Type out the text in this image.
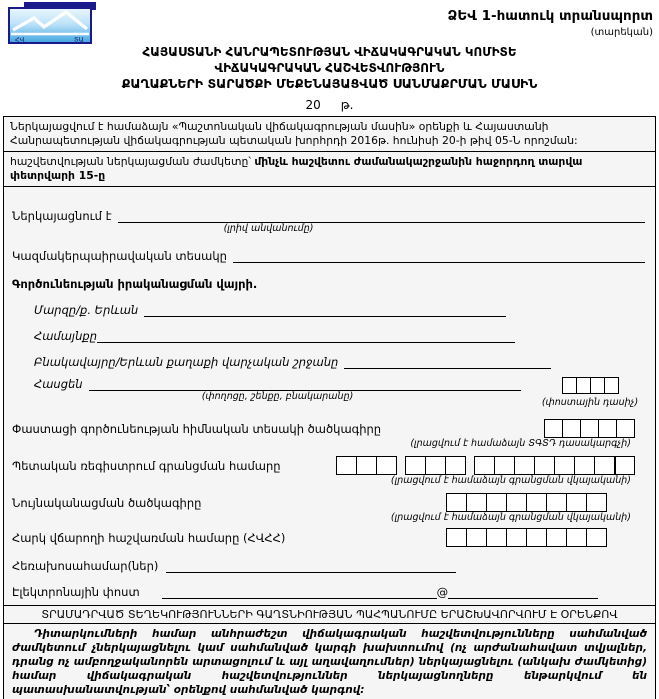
ՀՎ	ՏԱ
ՁԵՎ 1-հատուկ տրանսպորտ
(տարեկան)
ՀԱՅԱՍՏԱՆԻ ՀԱՆՐԱՊԵՏՈՒԹՅԱՆ ՎԻՃԱԿԱԳՐԱԿԱՆ ԿՈՄԻՏԵ
ՎԻՃԱԿԱԳՐԱԿԱՆ ՀԱՇՎԵՏՎՈՒԹՅՈՒՆ
ՔԱՂԱՔՆԵՐԻ ՏԱՐԱԾՔԻ ՄԵՔԵՆԱՅԱՑՎԱԾ ՍԱՆՄԱՔՐՄԱՆ ՄԱՍԻՆ
20 թ.
Ներկայացվում է համաձայն «Պաշտոնական վիճակագրության մասին» օրենքի և Հայաստանի Հանրապետության վիճակագրության պետական խորհրդի 2016թ. հունիսի 20-ի թիվ 05-Ն որոշման:
հաշվետվության ներկայացման ժամկետը՝ մինչև հաշվետու ժամանակաշրջանին հաջորդող տարվա փետրվարի 15-ը
Ներկայացնում է
(լրիվ անվանումը)
Կազմակերպաիրավական տեսակը
Գործունեության իրականացման վայրի.
Մարզը/ք. Երևան
Համայնքը
Բնակավայրը/Երևան քաղաքի վարչական շրջանը
Հասցեն
(փողոցը, շենքը, բնակարանը)
(փոստային դասիչ)
Փաստացի գործունեության հիմնական տեսակի ծածկագիրը
(լրացվում է համաձայն ՏԳՏԴ դասակարգչի)
Պետական ռեգիստրում գրանցման համարը
(լրացվում է համաձայն գրանցման վկայականի)
Նույնականացման ծածկագիրը
(լրացվում է համաձայն գրանցման վկայականի)
Հարկ վճարողի հաշվառման համարը (ՀՎՀՀ)
Հեռախոսահամար(ներ)
Էլեկտրոնային փոստ	@
ՏՐԱՄԱԴՐՎԱԾ ՏԵՂԵԿՈՒԹՅՈՒՆՆԵՐԻ ԳԱՂՏՆԻՈՒԹՅԱՆ ՊԱՀՊԱՆՈՒՄԸ ԵՐԱՇԽԱՎՈՐՎՈՒՄ Է ՕՐԵՆՔՈՎ
Դիտարկումների համար անհրաժեշտ վիճակագրական հաշվետվությունները սահմանված ժամկետում չներկայացնելու կամ սահմանված կարգի խախտումով (ոչ արժանահավատ տվյալներ, դրանց ոչ ամբողջականորեն արտացոլում և այլ աղավաղումներ) ներկայացնելու (անկախ ժամկետից) համար վիճակագրական հաշվետվություններ ներկայացնողները ենթարկվում են պատասխանատվության՝ օրենքով սահմանված կարգով:
